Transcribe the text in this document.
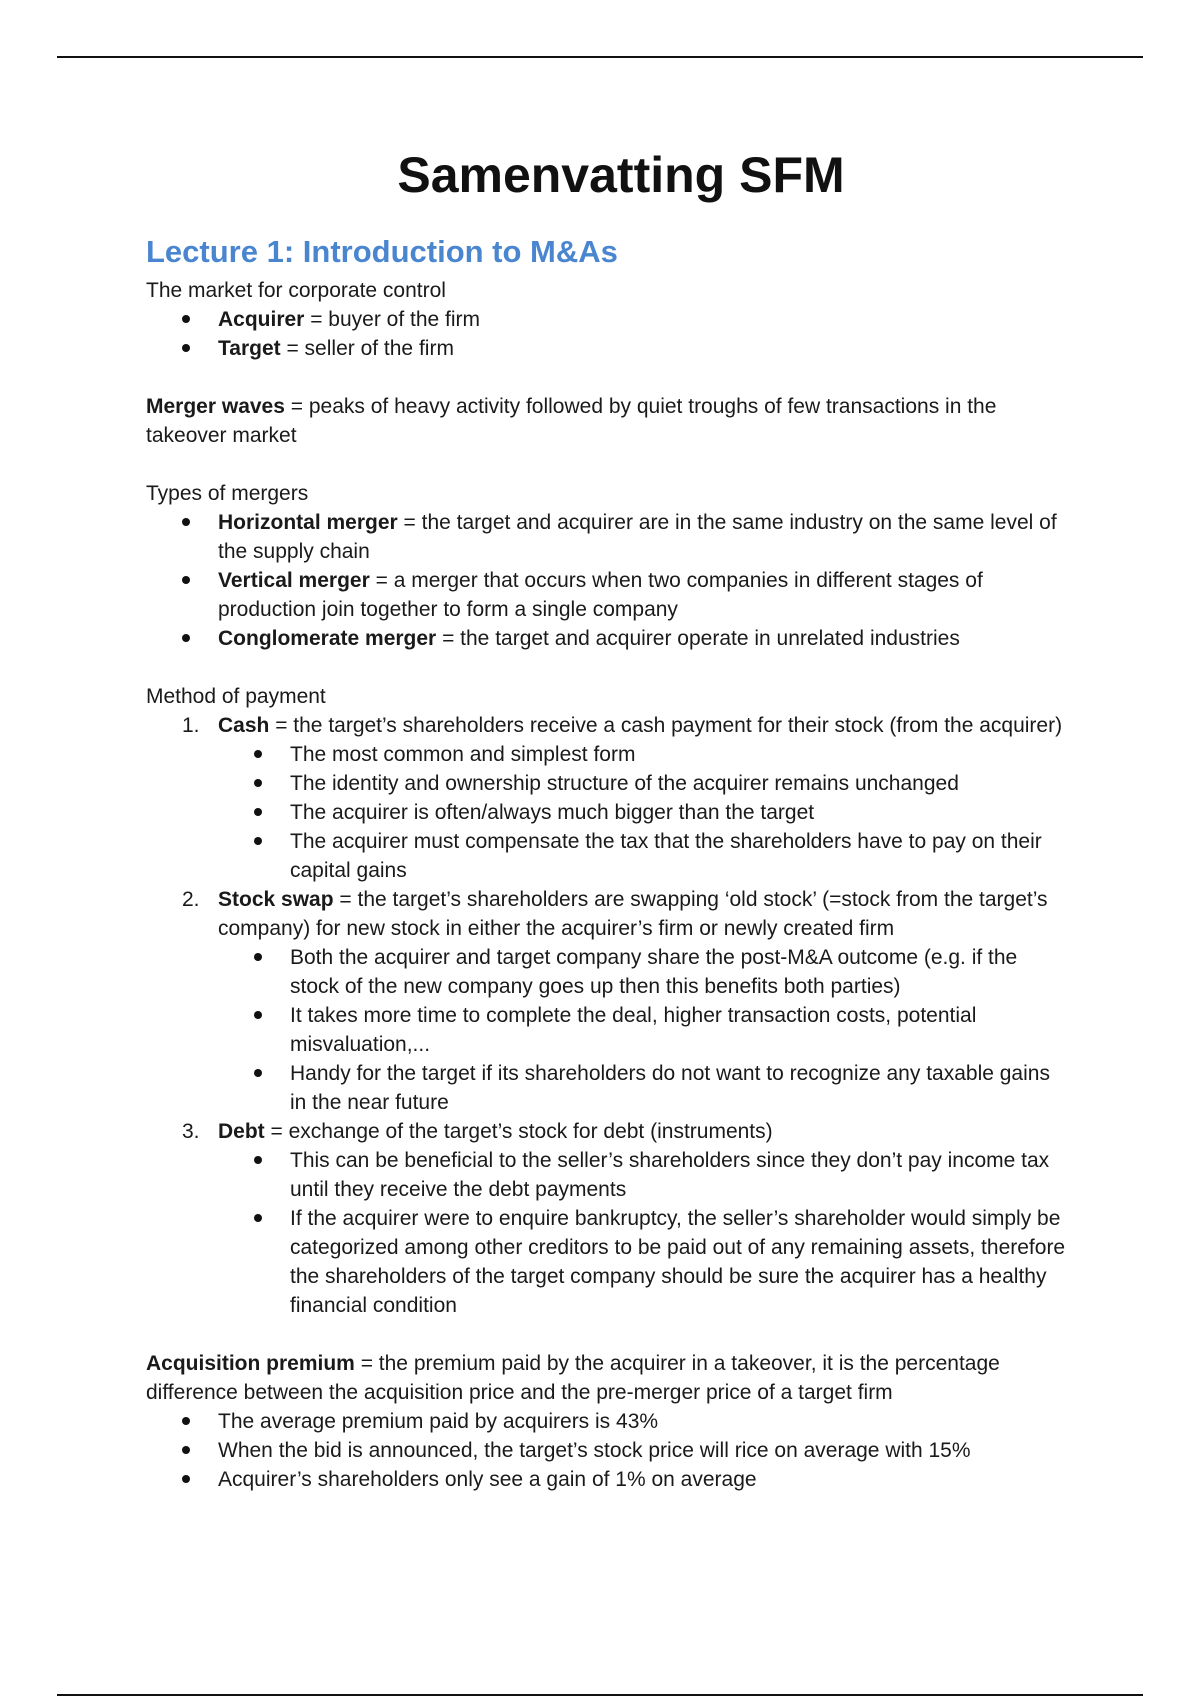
Samenvatting SFM
Lecture 1: Introduction to M&As

The market for corporate control

Acquirer = buyer of the firm
Target = seller of the firm

Merger waves = peaks of heavy activity followed by quiet troughs of few transactions in the takeover market

Types of mergers

Horizontal merger = the target and acquirer are in the same industry on the same level of the supply chain
Vertical merger = a merger that occurs when two companies in different stages of production join together to form a single company
Conglomerate merger = the target and acquirer operate in unrelated industries

Method of payment

1. Cash = the target’s shareholders receive a cash payment for their stock (from the acquirer)
The most common and simplest form
The identity and ownership structure of the acquirer remains unchanged
The acquirer is often/always much bigger than the target
The acquirer must compensate the tax that the shareholders have to pay on their capital gains
2. Stock swap = the target’s shareholders are swapping ‘old stock’ (=stock from the target’s company) for new stock in either the acquirer’s firm or newly created firm
Both the acquirer and target company share the post-M&A outcome (e.g. if the stock of the new company goes up then this benefits both parties)
It takes more time to complete the deal, higher transaction costs, potential misvaluation,...
Handy for the target if its shareholders do not want to recognize any taxable gains in the near future
3. Debt = exchange of the target’s stock for debt (instruments)
This can be beneficial to the seller’s shareholders since they don’t pay income tax until they receive the debt payments
If the acquirer were to enquire bankruptcy, the seller’s shareholder would simply be categorized among other creditors to be paid out of any remaining assets, therefore the shareholders of the target company should be sure the acquirer has a healthy financial condition

Acquisition premium = the premium paid by the acquirer in a takeover, it is the percentage difference between the acquisition price and the pre-merger price of a target firm

The average premium paid by acquirers is 43%
When the bid is announced, the target’s stock price will rice on average with 15%
Acquirer’s shareholders only see a gain of 1% on average
